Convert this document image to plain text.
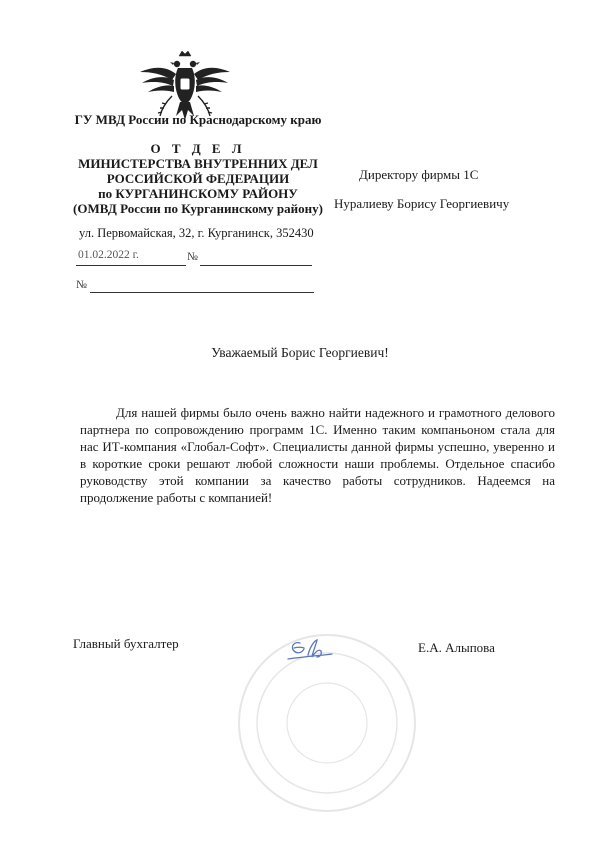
ГУ МВД России по Краснодарскому краю
О Т Д Е Л
МИНИСТЕРСТВА ВНУТРЕННИХ ДЕЛ
РОССИЙСКОЙ ФЕДЕРАЦИИ
по КУРГАНИНСКОМУ РАЙОНУ
(ОМВД России по Курганинскому району)
ул. Первомайская, 32, г. Курганинск, 352430
01.02.2022 г.	№
№
Директору фирмы 1С
Нуралиеву Борису Георгиевичу
Уважаемый Борис Георгиевич!

Для нашей фирмы было очень важно найти надежного и грамотного делового партнера по сопровождению программ 1С. Именно таким компаньоном стала для нас ИТ-компания «Глобал-Софт». Специалисты данной фирмы успешно, уверенно и в короткие сроки решают любой сложности наши проблемы. Отдельное спасибо руководству этой компании за качество работы сотрудников. Надеемся на продолжение работы с компанией!

Главный бухгалтер	Е.А. Алыпова
